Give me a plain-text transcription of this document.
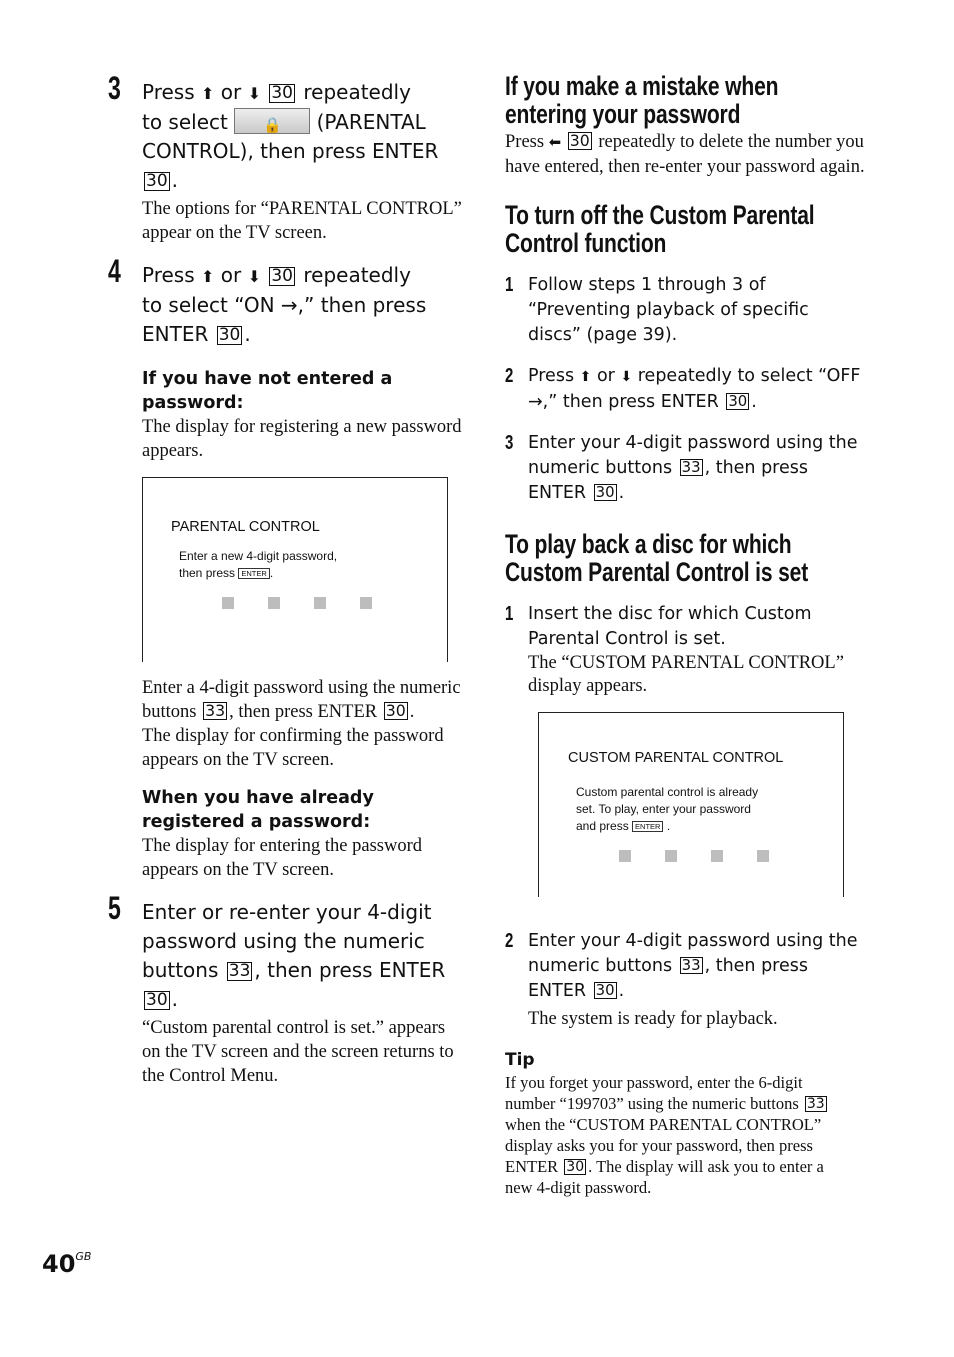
3 Press ⬆ or ⬇ 30 repeatedly
to select 🔒 (PARENTAL CONTROL), then press ENTER 30 .
The options for “PARENTAL CONTROL” appear on the TV screen.
4 Press ⬆ or ⬇ 30 repeatedly
to select “ON →,” then press ENTER 30 .
If you have not entered a password:
The display for registering a new password appears.
PARENTAL CONTROL
Enter a new 4-digit password,
then press ENTER .
Enter a 4-digit password using the numeric buttons 33 , then press ENTER 30 .
The display for confirming the password appears on the TV screen.
When you have already registered a password:
The display for entering the password appears on the TV screen.
5 Enter or re-enter your 4-digit password using the numeric buttons 33 , then press ENTER 30 .
“Custom parental control is set.” appears on the TV screen and the screen returns to the Control Menu.
If you make a mistake when entering your password
Press ⬅ 30 repeatedly to delete the number you have entered, then re-enter your password again.
To turn off the Custom Parental Control function
1 Follow steps 1 through 3 of “Preventing playback of specific discs” (page 39).
2 Press ⬆ or ⬇ repeatedly to select “OFF →,” then press ENTER 30 .
3 Enter your 4-digit password using the numeric buttons 33 , then press ENTER 30 .
To play back a disc for which Custom Parental Control is set
1 Insert the disc for which Custom Parental Control is set.
The “CUSTOM PARENTAL CONTROL” display appears.
CUSTOM PARENTAL CONTROL
Custom parental control is already
set. To play, enter your password
and press ENTER .
2 Enter your 4-digit password using the numeric buttons 33 , then press ENTER 30 .
The system is ready for playback.
Tip
If you forget your password, enter the 6-digit number “199703” using the numeric buttons 33 when the “CUSTOM PARENTAL CONTROL” display asks you for your password, then press ENTER 30 . The display will ask you to enter a new 4-digit password.
$40^{GB}$
